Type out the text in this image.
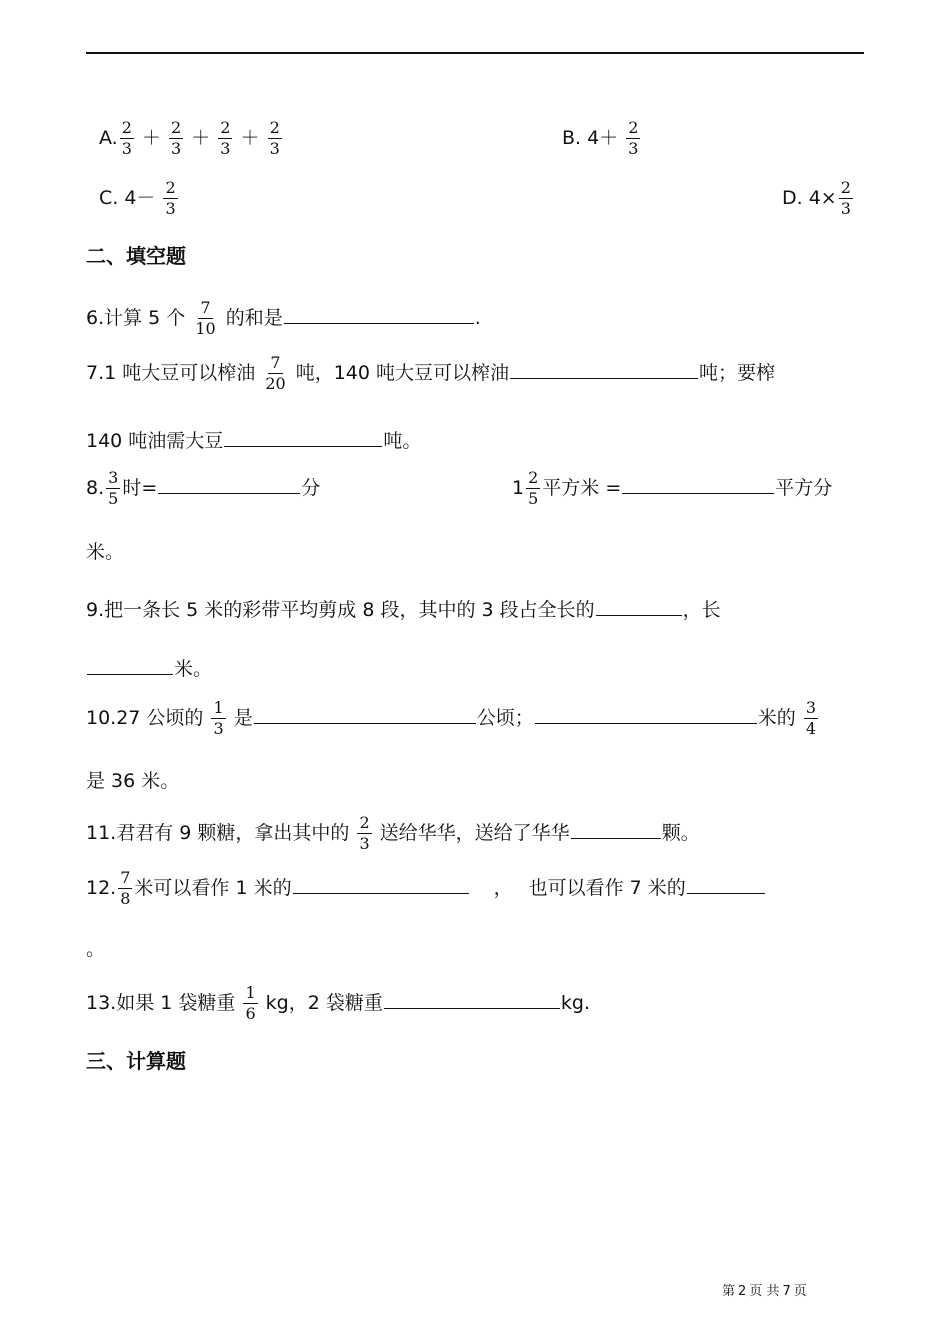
A. $\frac{2}{3} + \frac{2}{3} + \frac{2}{3} + \frac{2}{3}$	B. $4+ \frac{2}{3}$
C. $4- \frac{2}{3}$	D. $4\times \frac{2}{3}$
二、填空题
6.计算 5 个 $\frac{7}{10}$ 的和是	.
7.1 吨大豆可以榨油 $\frac{7}{20}$ 吨，140 吨大豆可以榨油	吨；要榨
140 吨油需大豆	吨。
8. $\frac{3}{5}$ 时=	分	$1 \frac{2}{5}$ 平方米 =	平方分
米。
9.把一条长 5 米的彩带平均剪成 8 段，其中的 3 段占全长的	，长
米。
10.27 公顷的 $\frac{1}{3}$ 是	公顷；	米的 $\frac{3}{4}$
是 36 米。
11.君君有 9 颗糖，拿出其中的 $\frac{2}{3}$ 送给华华，送给了华华	颗。
12. $\frac{7}{8}$ 米可以看作 1 米的	， 也可以看作 7 米的
。
13.如果 1 袋糖重 $\frac{1}{6}$ kg，2 袋糖重	kg.
三、计算题
第 2 页 共 7 页
